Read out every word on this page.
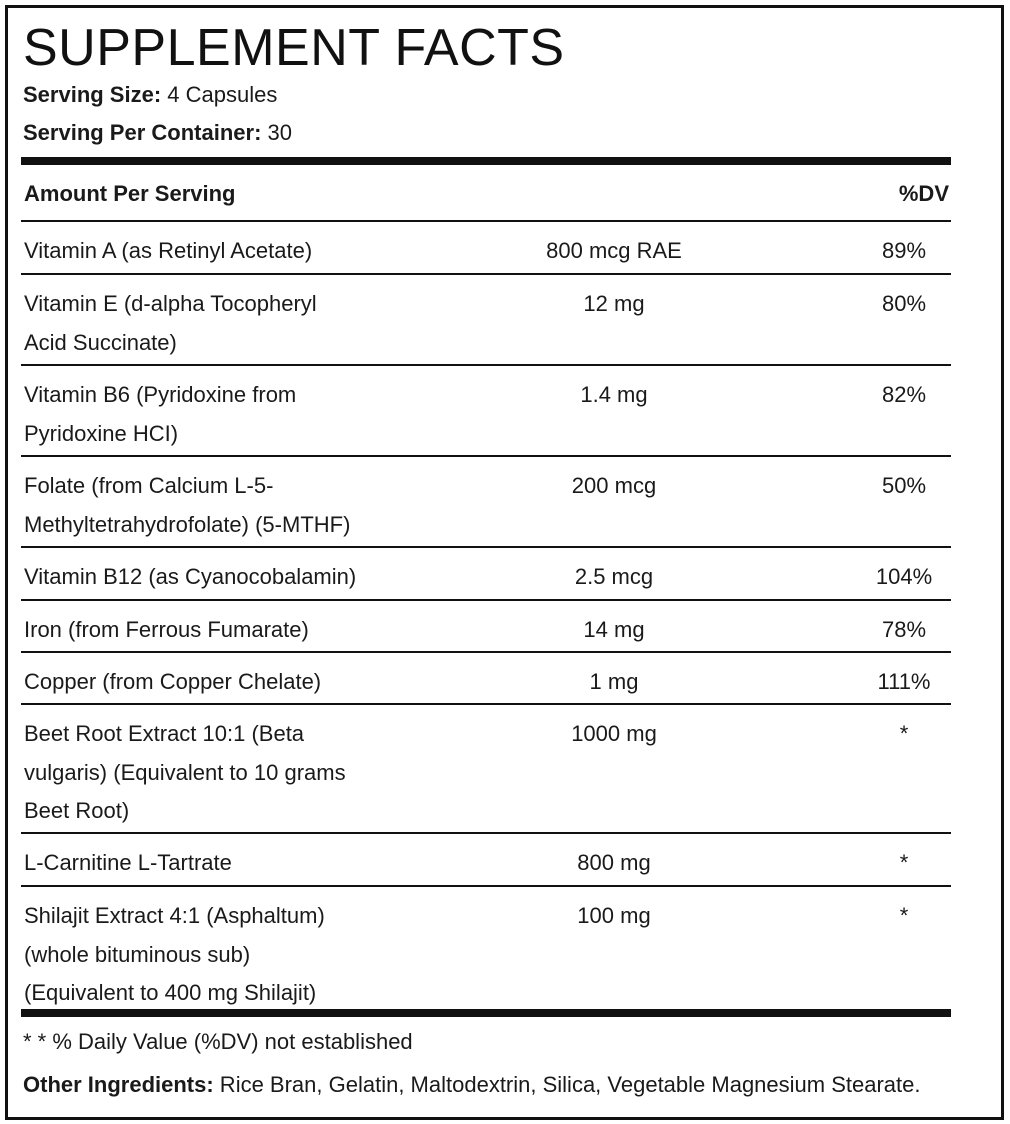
SUPPLEMENT FACTS
Serving Size: 4 Capsules
Serving Per Container: 30
Amount Per Serving	%DV
Vitamin A (as Retinyl Acetate)	800 mcg RAE	89%
Vitamin E (d-alpha Tocopheryl
Acid Succinate)
12 mg	80%
Vitamin B6 (Pyridoxine from
Pyridoxine HCI)
1.4 mg	82%
Folate (from Calcium L-5-
Methyltetrahydrofolate) (5-MTHF)
200 mcg	50%
Vitamin B12 (as Cyanocobalamin)	2.5 mcg	104%
Iron (from Ferrous Fumarate)	14 mg	78%
Copper (from Copper Chelate)	1 mg	111%
Beet Root Extract 10:1 (Beta
vulgaris) (Equivalent to 10 grams
Beet Root)
1000 mg	*
L-Carnitine L-Tartrate	800 mg	*
Shilajit Extract 4:1 (Asphaltum)
(whole bituminous sub)
(Equivalent to 400 mg Shilajit)
100 mg	*
* * % Daily Value (%DV) not established
Other Ingredients: Rice Bran, Gelatin, Maltodextrin, Silica, Vegetable Magnesium Stearate.
